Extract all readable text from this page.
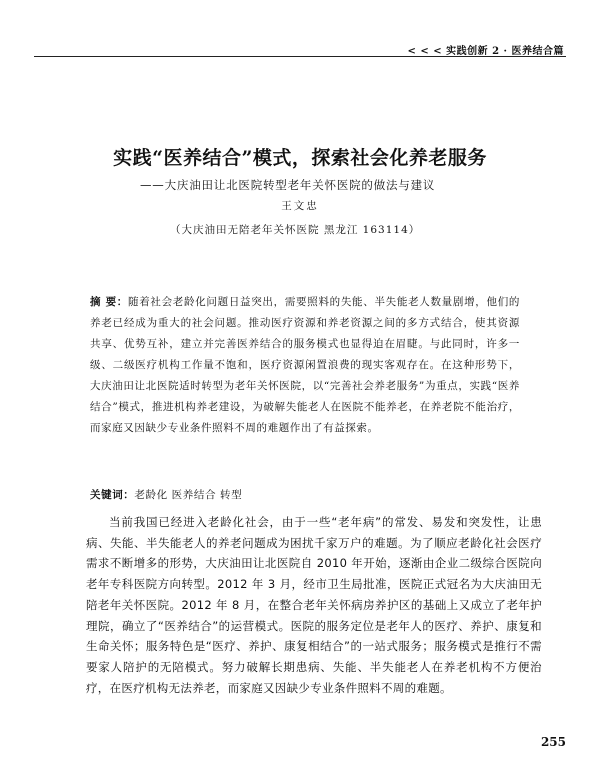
< < < 实践创新 2 · 医养结合篇
实践“医养结合”模式，探索社会化养老服务
——大庆油田让北医院转型老年关怀医院的做法与建议
王文忠
（大庆油田无陪老年关怀医院 黑龙江 163114）
摘 要：随着社会老龄化问题日益突出，需要照料的失能、半失能老人数量剧增，他们的养老已经成为重大的社会问题。推动医疗资源和养老资源之间的多方式结合，使其资源共享、优势互补，建立并完善医养结合的服务模式也显得迫在眉睫。与此同时，许多一级、二级医疗机构工作量不饱和，医疗资源闲置浪费的现实客观存在。在这种形势下，大庆油田让北医院适时转型为老年关怀医院，以“完善社会养老服务”为重点，实践“医养结合”模式，推进机构养老建设，为破解失能老人在医院不能养老，在养老院不能治疗，而家庭又因缺少专业条件照料不周的难题作出了有益探索。
关键词：老龄化 医养结合 转型
当前我国已经进入老龄化社会，由于一些“老年病”的常发、易发和突发性，让患病、失能、半失能老人的养老问题成为困扰千家万户的难题。为了顺应老龄化社会医疗需求不断增多的形势，大庆油田让北医院自 2010 年开始，逐渐由企业二级综合医院向老年专科医院方向转型。2012 年 3 月，经市卫生局批准，医院正式冠名为大庆油田无陪老年关怀医院。2012 年 8 月，在整合老年关怀病房养护区的基础上又成立了老年护理院，确立了“医养结合”的运营模式。医院的服务定位是老年人的医疗、养护、康复和生命关怀；服务特色是“医疗、养护、康复相结合”的一站式服务；服务模式是推行不需要家人陪护的无陪模式。努力破解长期患病、失能、半失能老人在养老机构不方便治疗，在医疗机构无法养老，而家庭又因缺少专业条件照料不周的难题。
255
